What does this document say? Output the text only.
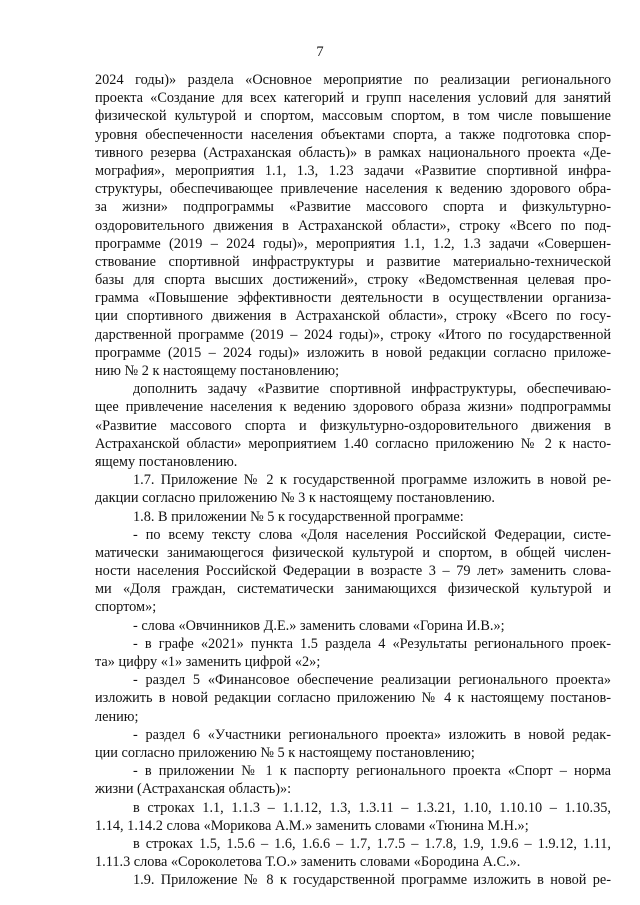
7
2024 годы)» раздела «Основное мероприятие по реализации регионального
проекта «Создание для всех категорий и групп населения условий для занятий
физической культурой и спортом, массовым спортом, в том числе повышение
уровня обеспеченности населения объектами спорта, а также подготовка спор-
тивного резерва (Астраханская область)» в рамках национального проекта «Де-
мография», мероприятия 1.1, 1.3, 1.23 задачи «Развитие спортивной инфра-
структуры, обеспечивающее привлечение населения к ведению здорового обра-
за жизни» подпрограммы «Развитие массового спорта и физкультурно-
оздоровительного движения в Астраханской области», строку «Всего по под-
программе (2019 – 2024 годы)», мероприятия 1.1, 1.2, 1.3 задачи «Совершен-
ствование спортивной инфраструктуры и развитие материально-технической
базы для спорта высших достижений», строку «Ведомственная целевая про-
грамма «Повышение эффективности деятельности в осуществлении организа-
ции спортивного движения в Астраханской области», строку «Всего по госу-
дарственной программе (2019 – 2024 годы)», строку «Итого по государственной
программе (2015 – 2024 годы)» изложить в новой редакции согласно приложе-
нию № 2 к настоящему постановлению;
дополнить задачу «Развитие спортивной инфраструктуры, обеспечиваю-
щее привлечение населения к ведению здорового образа жизни» подпрограммы
«Развитие массового спорта и физкультурно-оздоровительного движения в
Астраханской области» мероприятием 1.40 согласно приложению № 2 к насто-
ящему постановлению.
1.7. Приложение № 2 к государственной программе изложить в новой ре-
дакции согласно приложению № 3 к настоящему постановлению.
1.8. В приложении № 5 к государственной программе:
- по всему тексту слова «Доля населения Российской Федерации, систе-
матически занимающегося физической культурой и спортом, в общей числен-
ности населения Российской Федерации в возрасте 3 – 79 лет» заменить слова-
ми «Доля граждан, систематически занимающихся физической культурой и
спортом»;
- слова «Овчинников Д.Е.» заменить словами «Горина И.В.»;
- в графе «2021» пункта 1.5 раздела 4 «Результаты регионального проек-
та» цифру «1» заменить цифрой «2»;
- раздел 5 «Финансовое обеспечение реализации регионального проекта»
изложить в новой редакции согласно приложению № 4 к настоящему постанов-
лению;
- раздел 6 «Участники регионального проекта» изложить в новой редак-
ции согласно приложению № 5 к настоящему постановлению;
- в приложении № 1 к паспорту регионального проекта «Спорт – норма
жизни (Астраханская область)»:
в строках 1.1, 1.1.3 – 1.1.12, 1.3, 1.3.11 – 1.3.21, 1.10, 1.10.10 – 1.10.35,
1.14, 1.14.2 слова «Морикова А.М.» заменить словами «Тюнина М.Н.»;
в строках 1.5, 1.5.6 – 1.6, 1.6.6 – 1.7, 1.7.5 – 1.7.8, 1.9, 1.9.6 – 1.9.12, 1.11,
1.11.3 слова «Сороколетова Т.О.» заменить словами «Бородина А.С.».
1.9. Приложение № 8 к государственной программе изложить в новой ре-
